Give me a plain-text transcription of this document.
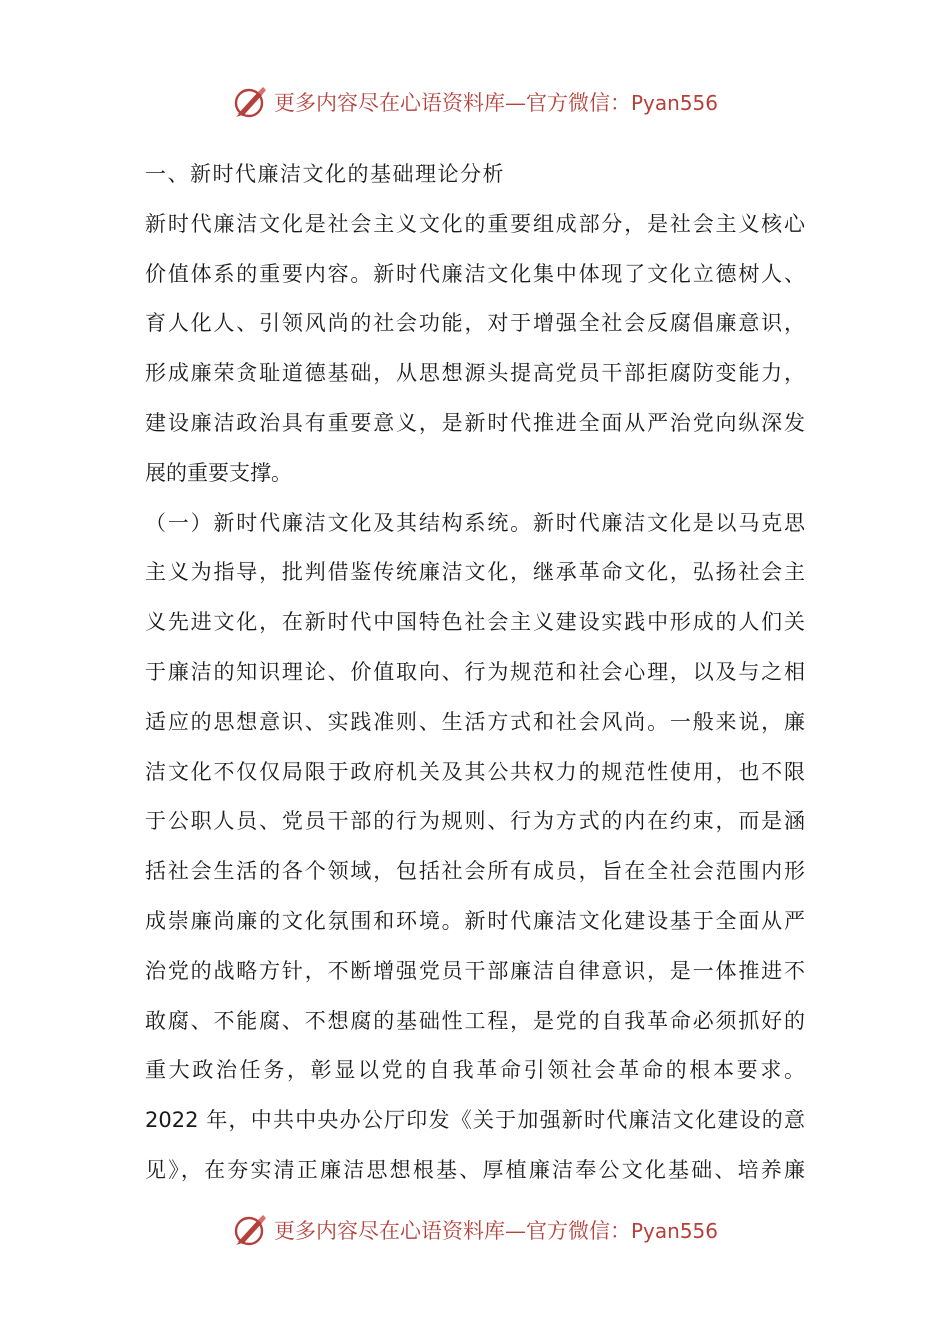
更多内容尽在心语资料库—官方微信：Pyan556
一、新时代廉洁文化的基础理论分析
新时代廉洁文化是社会主义文化的重要组成部分，是社会主义核心
价值体系的重要内容。新时代廉洁文化集中体现了文化立德树人、
育人化人、引领风尚的社会功能，对于增强全社会反腐倡廉意识，
形成廉荣贪耻道德基础，从思想源头提高党员干部拒腐防变能力，
建设廉洁政治具有重要意义，是新时代推进全面从严治党向纵深发
展的重要支撑。
（一）新时代廉洁文化及其结构系统。新时代廉洁文化是以马克思
主义为指导，批判借鉴传统廉洁文化，继承革命文化，弘扬社会主
义先进文化，在新时代中国特色社会主义建设实践中形成的人们关
于廉洁的知识理论、价值取向、行为规范和社会心理，以及与之相
适应的思想意识、实践准则、生活方式和社会风尚。一般来说，廉
洁文化不仅仅局限于政府机关及其公共权力的规范性使用，也不限
于公职人员、党员干部的行为规则、行为方式的内在约束，而是涵
括社会生活的各个领域，包括社会所有成员，旨在全社会范围内形
成崇廉尚廉的文化氛围和环境。新时代廉洁文化建设基于全面从严
治党的战略方针，不断增强党员干部廉洁自律意识，是一体推进不
敢腐、不能腐、不想腐的基础性工程，是党的自我革命必须抓好的
重大政治任务，彰显以党的自我革命引领社会革命的根本要求。
2022 年，中共中央办公厅印发《关于加强新时代廉洁文化建设的意
见》，在夯实清正廉洁思想根基、厚植廉洁奉公文化基础、培养廉
更多内容尽在心语资料库—官方微信：Pyan556
